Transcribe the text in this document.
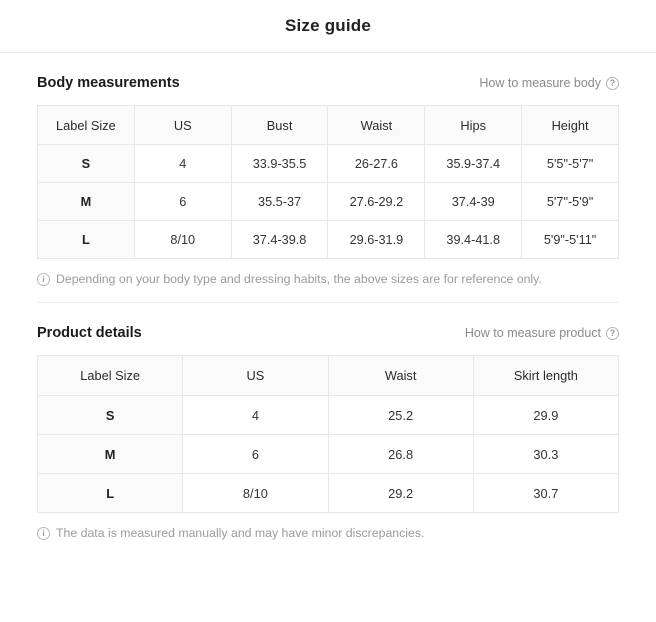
Size guide
Body measurements	How to measure body ?
Label Size	US	Bust	Waist	Hips	Height
S	4	33.9-35.5	26-27.6	35.9-37.4	5'5"-5'7"
M	6	35.5-37	27.6-29.2	37.4-39	5'7"-5'9"
L	8/10	37.4-39.8	29.6-31.9	39.4-41.8	5'9"-5'11"
i Depending on your body type and dressing habits, the above sizes are for reference only.
Product details	How to measure product ?
Label Size	US	Waist	Skirt length
S	4	25.2	29.9
M	6	26.8	30.3
L	8/10	29.2	30.7
i The data is measured manually and may have minor discrepancies.
